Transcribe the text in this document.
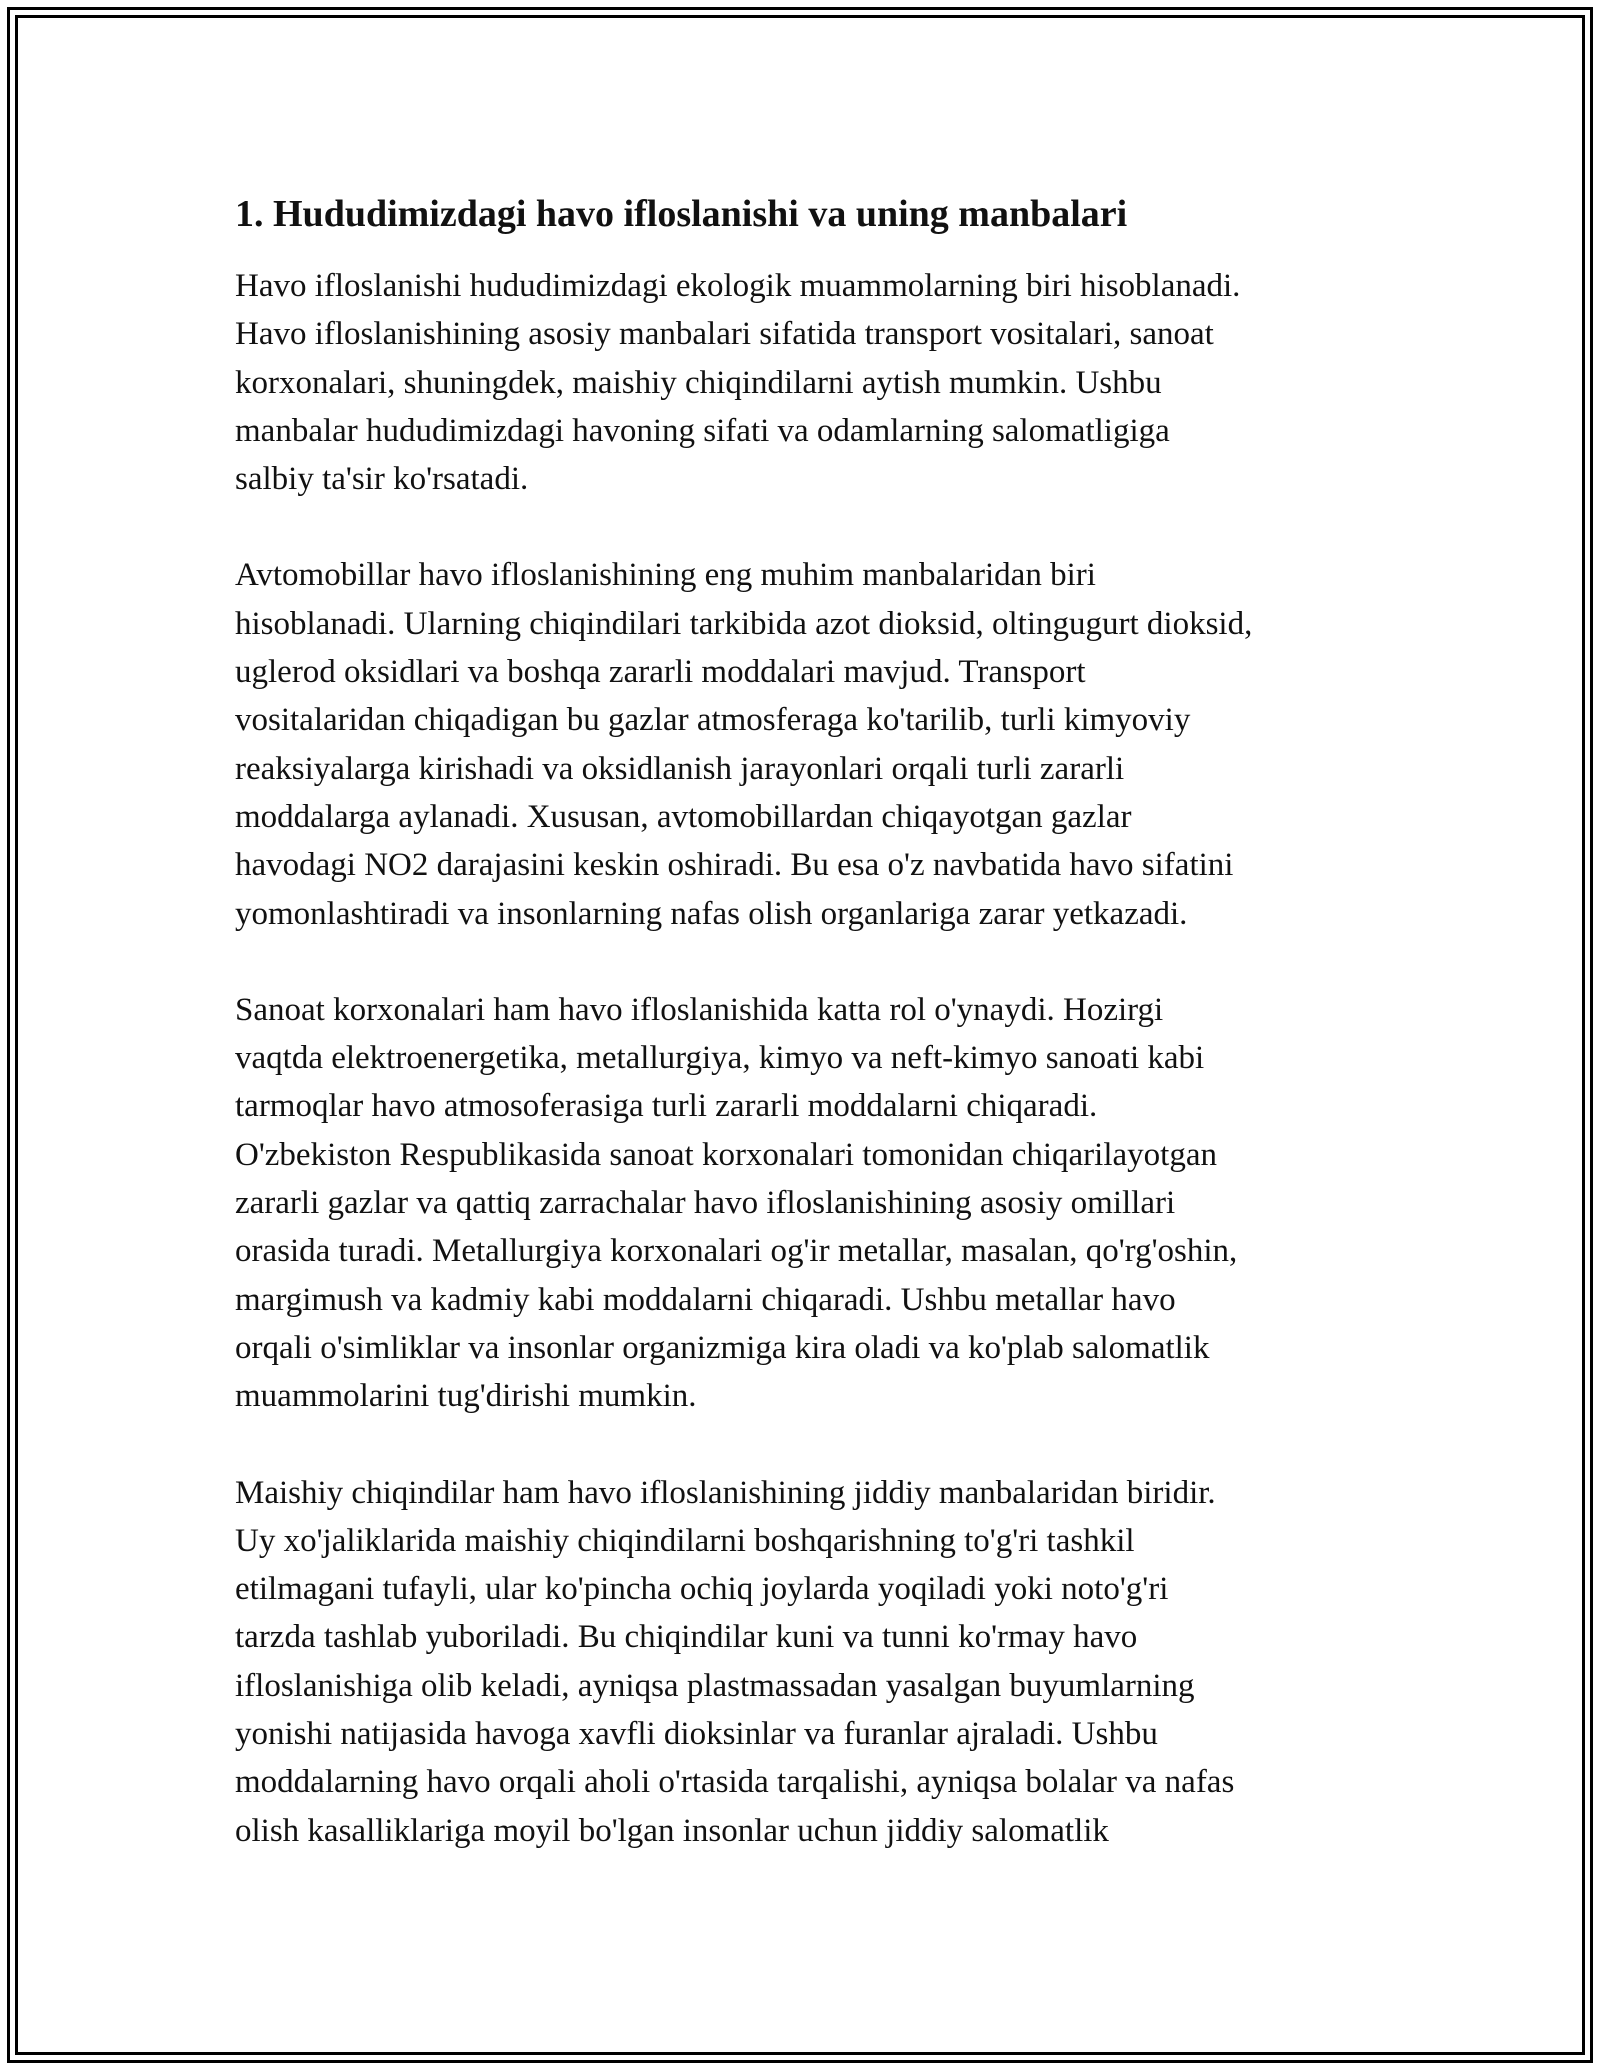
1. Hududimizdagi havo ifloslanishi va uning manbalari

Havo ifloslanishi hududimizdagi ekologik muammolarning biri hisoblanadi.
Havo ifloslanishining asosiy manbalari sifatida transport vositalari, sanoat
korxonalari, shuningdek, maishiy chiqindilarni aytish mumkin. Ushbu
manbalar hududimizdagi havoning sifati va odamlarning salomatligiga
salbiy ta'sir ko'rsatadi.

Avtomobillar havo ifloslanishining eng muhim manbalaridan biri
hisoblanadi. Ularning chiqindilari tarkibida azot dioksid, oltingugurt dioksid,
uglerod oksidlari va boshqa zararli moddalari mavjud. Transport
vositalaridan chiqadigan bu gazlar atmosferaga ko'tarilib, turli kimyoviy
reaksiyalarga kirishadi va oksidlanish jarayonlari orqali turli zararli
moddalarga aylanadi. Xususan, avtomobillardan chiqayotgan gazlar
havodagi NO2 darajasini keskin oshiradi. Bu esa o'z navbatida havo sifatini
yomonlashtiradi va insonlarning nafas olish organlariga zarar yetkazadi.

Sanoat korxonalari ham havo ifloslanishida katta rol o'ynaydi. Hozirgi
vaqtda elektroenergetika, metallurgiya, kimyo va neft-kimyo sanoati kabi
tarmoqlar havo atmosoferasiga turli zararli moddalarni chiqaradi.
O'zbekiston Respublikasida sanoat korxonalari tomonidan chiqarilayotgan
zararli gazlar va qattiq zarrachalar havo ifloslanishining asosiy omillari
orasida turadi. Metallurgiya korxonalari og'ir metallar, masalan, qo'rg'oshin,
margimush va kadmiy kabi moddalarni chiqaradi. Ushbu metallar havo
orqali o'simliklar va insonlar organizmiga kira oladi va ko'plab salomatlik
muammolarini tug'dirishi mumkin.

Maishiy chiqindilar ham havo ifloslanishining jiddiy manbalaridan biridir.
Uy xo'jaliklarida maishiy chiqindilarni boshqarishning to'g'ri tashkil
etilmagani tufayli, ular ko'pincha ochiq joylarda yoqiladi yoki noto'g'ri
tarzda tashlab yuboriladi. Bu chiqindilar kuni va tunni ko'rmay havo
ifloslanishiga olib keladi, ayniqsa plastmassadan yasalgan buyumlarning
yonishi natijasida havoga xavfli dioksinlar va furanlar ajraladi. Ushbu
moddalarning havo orqali aholi o'rtasida tarqalishi, ayniqsa bolalar va nafas
olish kasalliklariga moyil bo'lgan insonlar uchun jiddiy salomatlik
